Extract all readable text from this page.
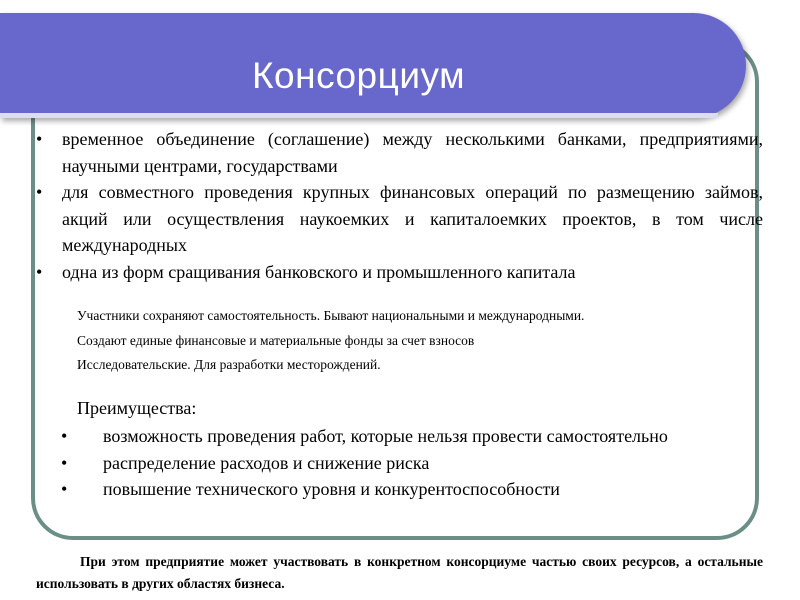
Консорциум
• временное объединение (соглашение) между несколькими банками, предприятиями, научными центрами, государствами
• для совместного проведения крупных финансовых операций по размещению займов, акций или осуществления наукоемких и капиталоемких проектов, в том числе международных
• одна из форм сращивания банковского и промышленного капитала
Участники сохраняют самостоятельность. Бывают национальными и международными.
Создают единые финансовые и материальные фонды за счет взносов
Исследовательские. Для разработки месторождений.
Преимущества:
• возможность проведения работ, которые нельзя провести самостоятельно
• распределение расходов и снижение риска
• повышение технического уровня и конкурентоспособности
При этом предприятие может участвовать в конкретном консорциуме частью своих ресурсов, а остальные использовать в других областях бизнеса.
